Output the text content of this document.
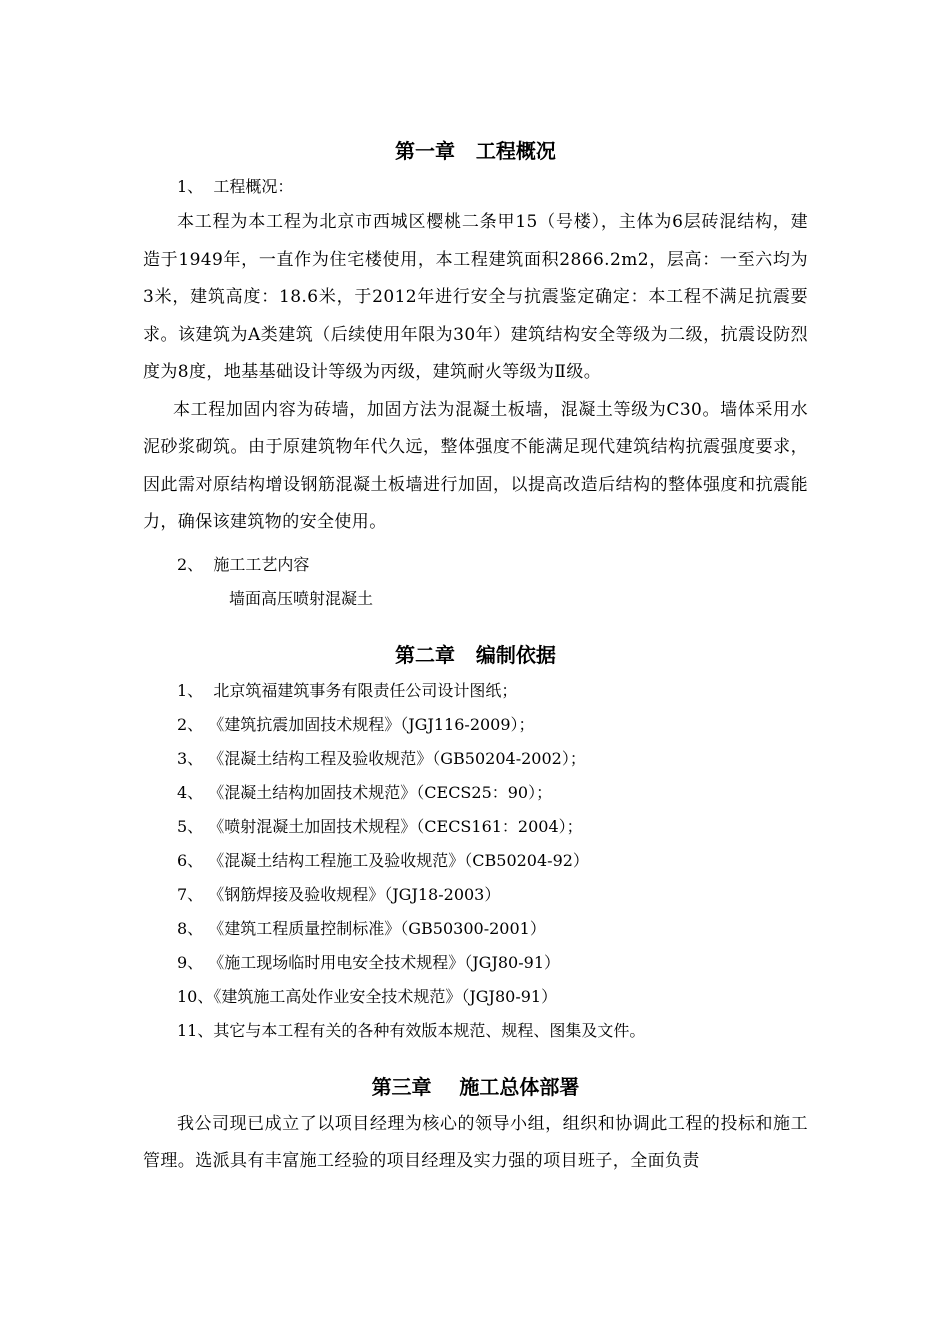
第一章   工程概况

1、  工程概况：

本工程为本工程为北京市西城区樱桃二条甲15（号楼），主体为6层砖混结构，建造于1949年，一直作为住宅楼使用，本工程建筑面积2866.2m2，层高：一至六均为3米，建筑高度：18.6米，于2012年进行安全与抗震鉴定确定：本工程不满足抗震要求。该建筑为A类建筑（后续使用年限为30年）建筑结构安全等级为二级，抗震设防烈度为8度，地基基础设计等级为丙级，建筑耐火等级为Ⅱ级。

本工程加固内容为砖墙，加固方法为混凝土板墙，混凝土等级为C30。墙体采用水泥砂浆砌筑。由于原建筑物年代久远，整体强度不能满足现代建筑结构抗震强度要求，因此需对原结构增设钢筋混凝土板墙进行加固，以提高改造后结构的整体强度和抗震能力，确保该建筑物的安全使用。

2、  施工工艺内容

墙面高压喷射混凝土

第二章   编制依据

1、  北京筑福建筑事务有限责任公司设计图纸；

2、 《建筑抗震加固技术规程》（JGJ116-2009）；

3、 《混凝土结构工程及验收规范》（GB50204-2002）；

4、 《混凝土结构加固技术规范》（CECS25：90）；

5、 《喷射混凝土加固技术规程》（CECS161：2004）；

6、 《混凝土结构工程施工及验收规范》（CB50204-92）

7、 《钢筋焊接及验收规程》（JGJ18-2003）

8、 《建筑工程质量控制标准》（GB50300-2001）

9、 《施工现场临时用电安全技术规程》（JGJ80-91）

10、《建筑施工高处作业安全技术规范》（JGJ80-91）

11、其它与本工程有关的各种有效版本规范、规程、图集及文件。

第三章    施工总体部署

我公司现已成立了以项目经理为核心的领导小组，组织和协调此工程的投标和施工管理。选派具有丰富施工经验的项目经理及实力强的项目班子，全面负责
